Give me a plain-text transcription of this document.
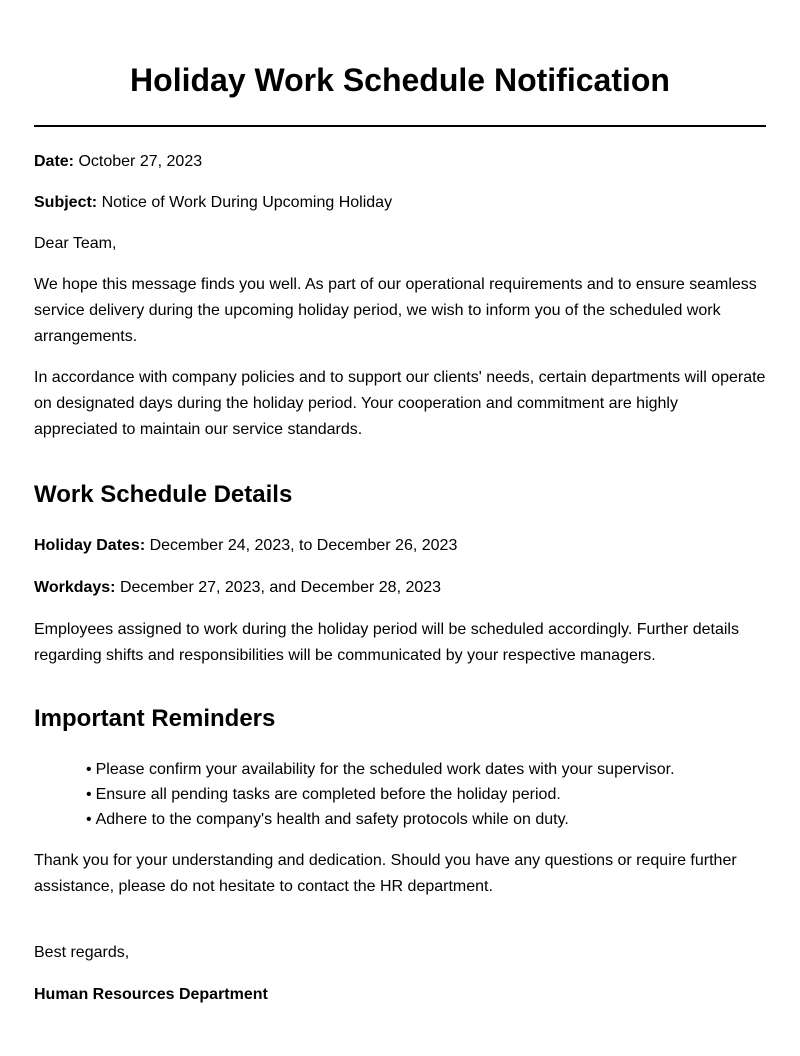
Holiday Work Schedule Notification

Date: October 27, 2023

Subject: Notice of Work During Upcoming Holiday

Dear Team,

We hope this message finds you well. As part of our operational requirements and to ensure seamless service delivery during the upcoming holiday period, we wish to inform you of the scheduled work arrangements.

In accordance with company policies and to support our clients' needs, certain departments will operate on designated days during the holiday period. Your cooperation and commitment are highly appreciated to maintain our service standards.

Work Schedule Details

Holiday Dates: December 24, 2023, to December 26, 2023

Workdays: December 27, 2023, and December 28, 2023

Employees assigned to work during the holiday period will be scheduled accordingly. Further details regarding shifts and responsibilities will be communicated by your respective managers.

Important Reminders
• Please confirm your availability for the scheduled work dates with your supervisor.
• Ensure all pending tasks are completed before the holiday period.
• Adhere to the company's health and safety protocols while on duty.

Thank you for your understanding and dedication. Should you have any questions or require further assistance, please do not hesitate to contact the HR department.

Best regards,

Human Resources Department
